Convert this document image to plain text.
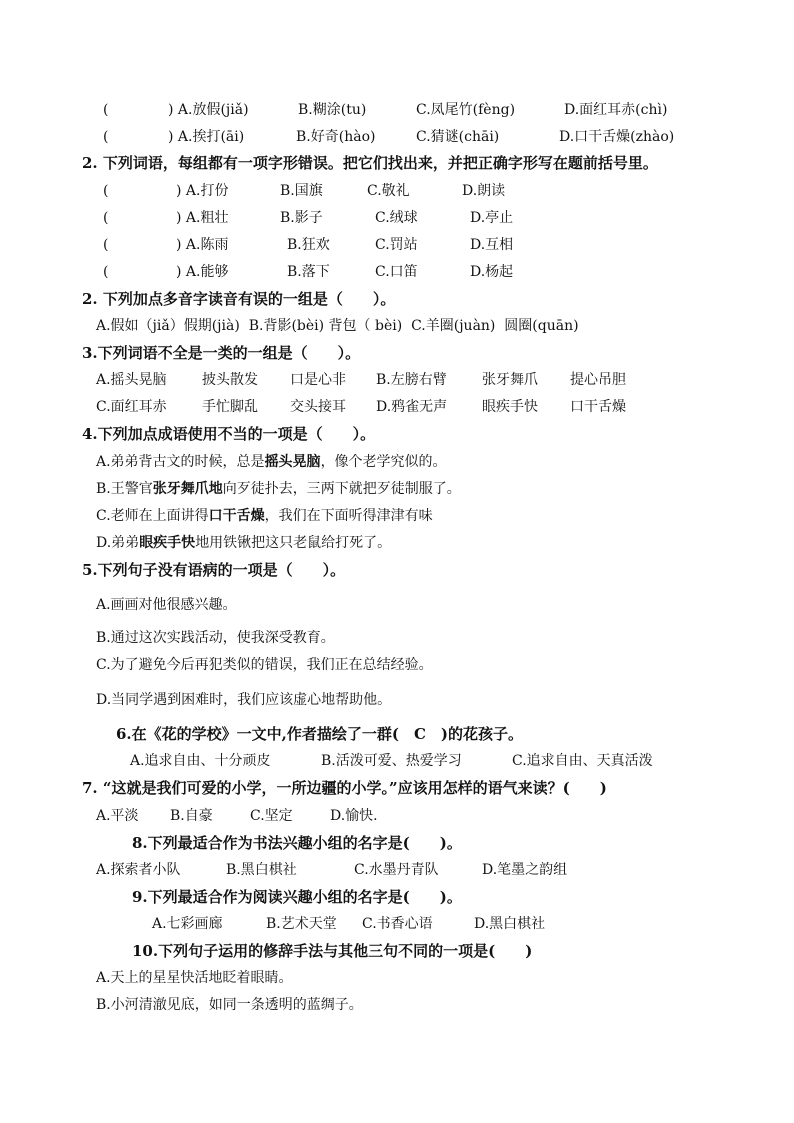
(	) A.放假(jiǎ)	B.糊涂(tu)	C.凤尾竹(fèng)	D.面红耳赤(chì)
(	) A.挨打(āi)	B.好奇(hào)	C.猜谜(chāi)	D.口干舌燥(zhào)
2. 下列词语，每组都有一项字形错误。把它们找出来，并把正确字形写在题前括号里。
(	) A.打份	B.国旗	C.敬礼	D.朗读
(	) A.粗壮	B.影子	C.绒球	D.亭止
(	) A.陈雨	B.狂欢	C.罚站	D.互相
(	) A.能够	B.落下	C.口笛	D.杨起
2. 下列加点多音字读音有误的一组是（　　）。
A.假如（jiǎ）假期(jià)  B.背影(bèi) 背包（ bèi)  C.羊圈(juàn)  圆圈(quān)
3.下列词语不全是一类的一组是（　　）。
A.摇头晃脑	披头散发 口是心非 B.左膀右臂	张牙舞爪 提心吊胆
C.面红耳赤	手忙脚乱 交头接耳 D.鸦雀无声 眼疾手快 口干舌燥
4.下列加点成语使用不当的一项是（　　）。
A.弟弟背古文的时候，总是摇头晃脑，像个老学究似的。
B.王警官张牙舞爪地向歹徒扑去，三两下就把歹徒制服了。
C.老师在上面讲得口干舌燥，我们在下面听得津津有味
D.弟弟眼疾手快地用铁锹把这只老鼠给打死了。
5.下列句子没有语病的一项是（　　）。
A.画画对他很感兴趣。
B.通过这次实践活动，使我深受教育。
C.为了避免今后再犯类似的错误，我们正在总结经验。
D.当同学遇到困难时，我们应该虚心地帮助他。
6.在《花的学校》一文中,作者描绘了一群(　C　)的花孩子。
A.追求自由、十分顽皮	B.活泼可爱、热爱学习	C.追求自由、天真活泼
7. “这就是我们可爱的小学，一所边疆的小学。”应该用怎样的语气来读？(　　)
A.平淡 B.自豪	C.坚定	D.愉快.
8.下列最适合作为书法兴趣小组的名字是(　　)。
A.探索者小队	B.黑白棋社	C.水墨丹青队	D.笔墨之韵组
9.下列最适合作为阅读兴趣小组的名字是(　　)。
A.七彩画廊	B.艺术天堂 C.书香心语	D.黑白棋社
10.下列句子运用的修辞手法与其他三句不同的一项是(　　)
A.天上的星星快活地眨着眼睛。
B.小河清澈见底，如同一条透明的蓝绸子。
